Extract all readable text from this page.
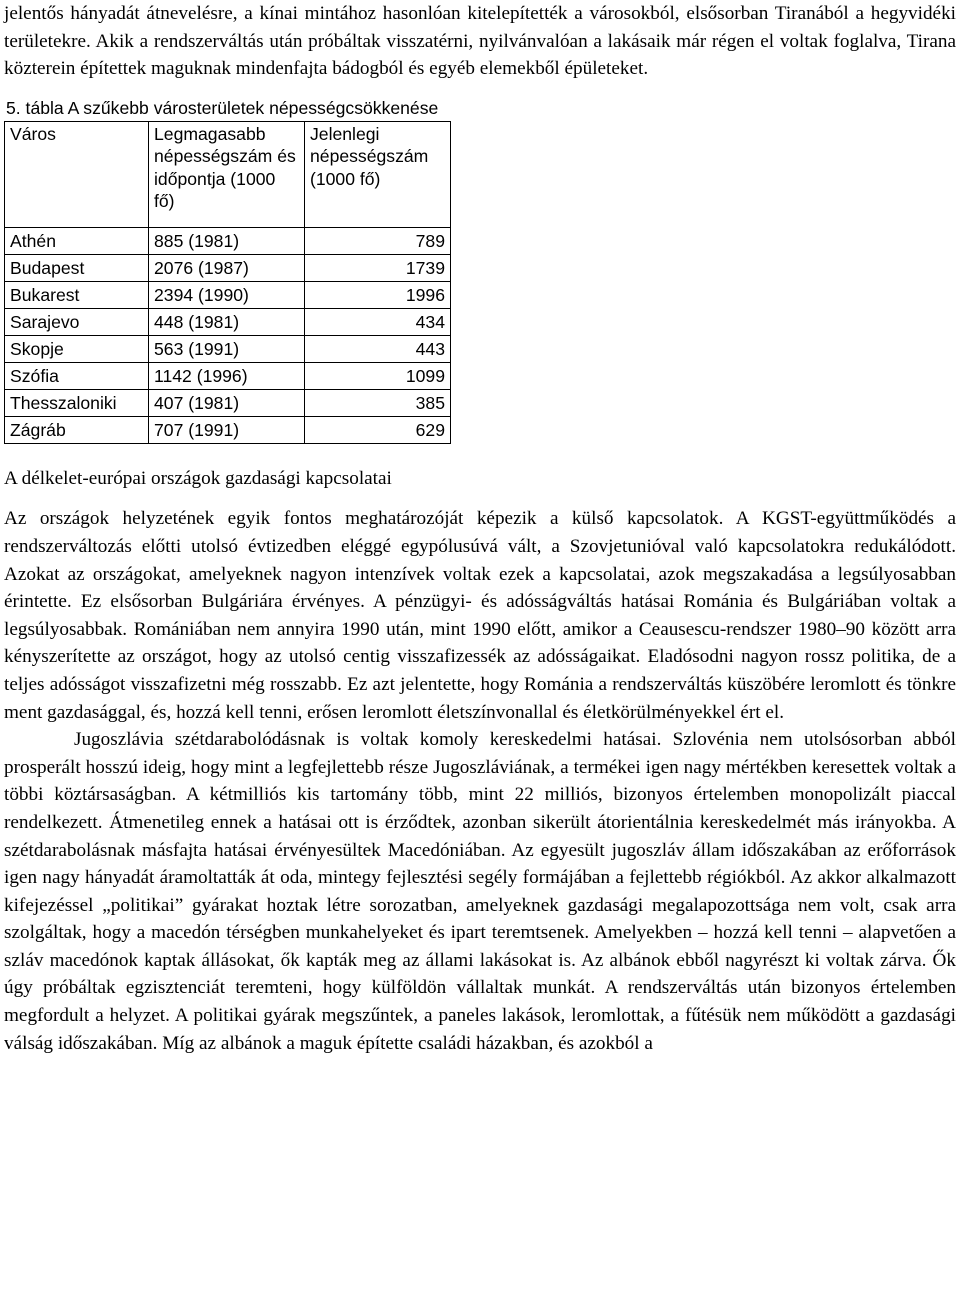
jelentős hányadát átnevelésre, a kínai mintához hasonlóan kitelepítették a városokból, elsősorban Tiranából a hegyvidéki területekre. Akik a rendszerváltás után próbáltak visszatérni, nyilvánvalóan a lakásaik már régen el voltak foglalva, Tirana közterein építettek maguknak mindenfajta bádogból és egyéb elemekből épületeket.

5. tábla A szűkebb városterületek népességcsökkenése
Város	Legmagasabb népességszám és időpontja (1000 fő)	Jelenlegi népességszám (1000 fő)
Athén	885 (1981)	789
Budapest	2076 (1987)	1739
Bukarest	2394 (1990)	1996
Sarajevo	448 (1981)	434
Skopje	563 (1991)	443
Szófia	1142 (1996)	1099
Thesszaloniki	407 (1981)	385
Zágráb	707 (1991)	629

A délkelet-európai országok gazdasági kapcsolatai

Az országok helyzetének egyik fontos meghatározóját képezik a külső kapcsolatok. A KGST-együttműködés a rendszerváltozás előtti utolsó évtizedben eléggé egypólusúvá vált, a Szovjetunióval való kapcsolatokra redukálódott. Azokat az országokat, amelyeknek nagyon intenzívek voltak ezek a kapcsolatai, azok megszakadása a legsúlyosabban érintette. Ez elsősorban Bulgáriára érvényes. A pénzügyi- és adósságváltás hatásai Románia és Bulgáriában voltak a legsúlyosabbak. Romániában nem annyira 1990 után, mint 1990 előtt, amikor a Ceausescu-rendszer 1980–90 között arra kényszerítette az országot, hogy az utolsó centig visszafizessék az adósságaikat. Eladósodni nagyon rossz politika, de a teljes adósságot visszafizetni még rosszabb. Ez azt jelentette, hogy Románia a rendszerváltás küszöbére leromlott és tönkre ment gazdasággal, és, hozzá kell tenni, erősen leromlott életszínvonallal és életkörülményekkel ért el.

Jugoszlávia szétdarabolódásnak is voltak komoly kereskedelmi hatásai. Szlovénia nem utolsósorban abból prosperált hosszú ideig, hogy mint a legfejlettebb része Jugoszláviának, a termékei igen nagy mértékben keresettek voltak a többi köztársaságban. A kétmilliós kis tartomány több, mint 22 milliós, bizonyos értelemben monopolizált piaccal rendelkezett. Átmenetileg ennek a hatásai ott is érződtek, azonban sikerült átorientálnia kereskedelmét más irányokba. A szétdarabolásnak másfajta hatásai érvényesültek Macedóniában. Az egyesült jugoszláv állam időszakában az erőforrások igen nagy hányadát áramoltatták át oda, mintegy fejlesztési segély formájában a fejlettebb régiókból. Az akkor alkalmazott kifejezéssel „politikai” gyárakat hoztak létre sorozatban, amelyeknek gazdasági megalapozottsága nem volt, csak arra szolgáltak, hogy a macedón térségben munkahelyeket és ipart teremtsenek. Amelyekben – hozzá kell tenni – alapvetően a szláv macedónok kaptak állásokat, ők kapták meg az állami lakásokat is. Az albánok ebből nagyrészt ki voltak zárva. Ők úgy próbáltak egzisztenciát teremteni, hogy külföldön vállaltak munkát. A rendszerváltás után bizonyos értelemben megfordult a helyzet. A politikai gyárak megszűntek, a paneles lakások, leromlottak, a fűtésük nem működött a gazdasági válság időszakában. Míg az albánok a maguk építette családi házakban, és azokból a
